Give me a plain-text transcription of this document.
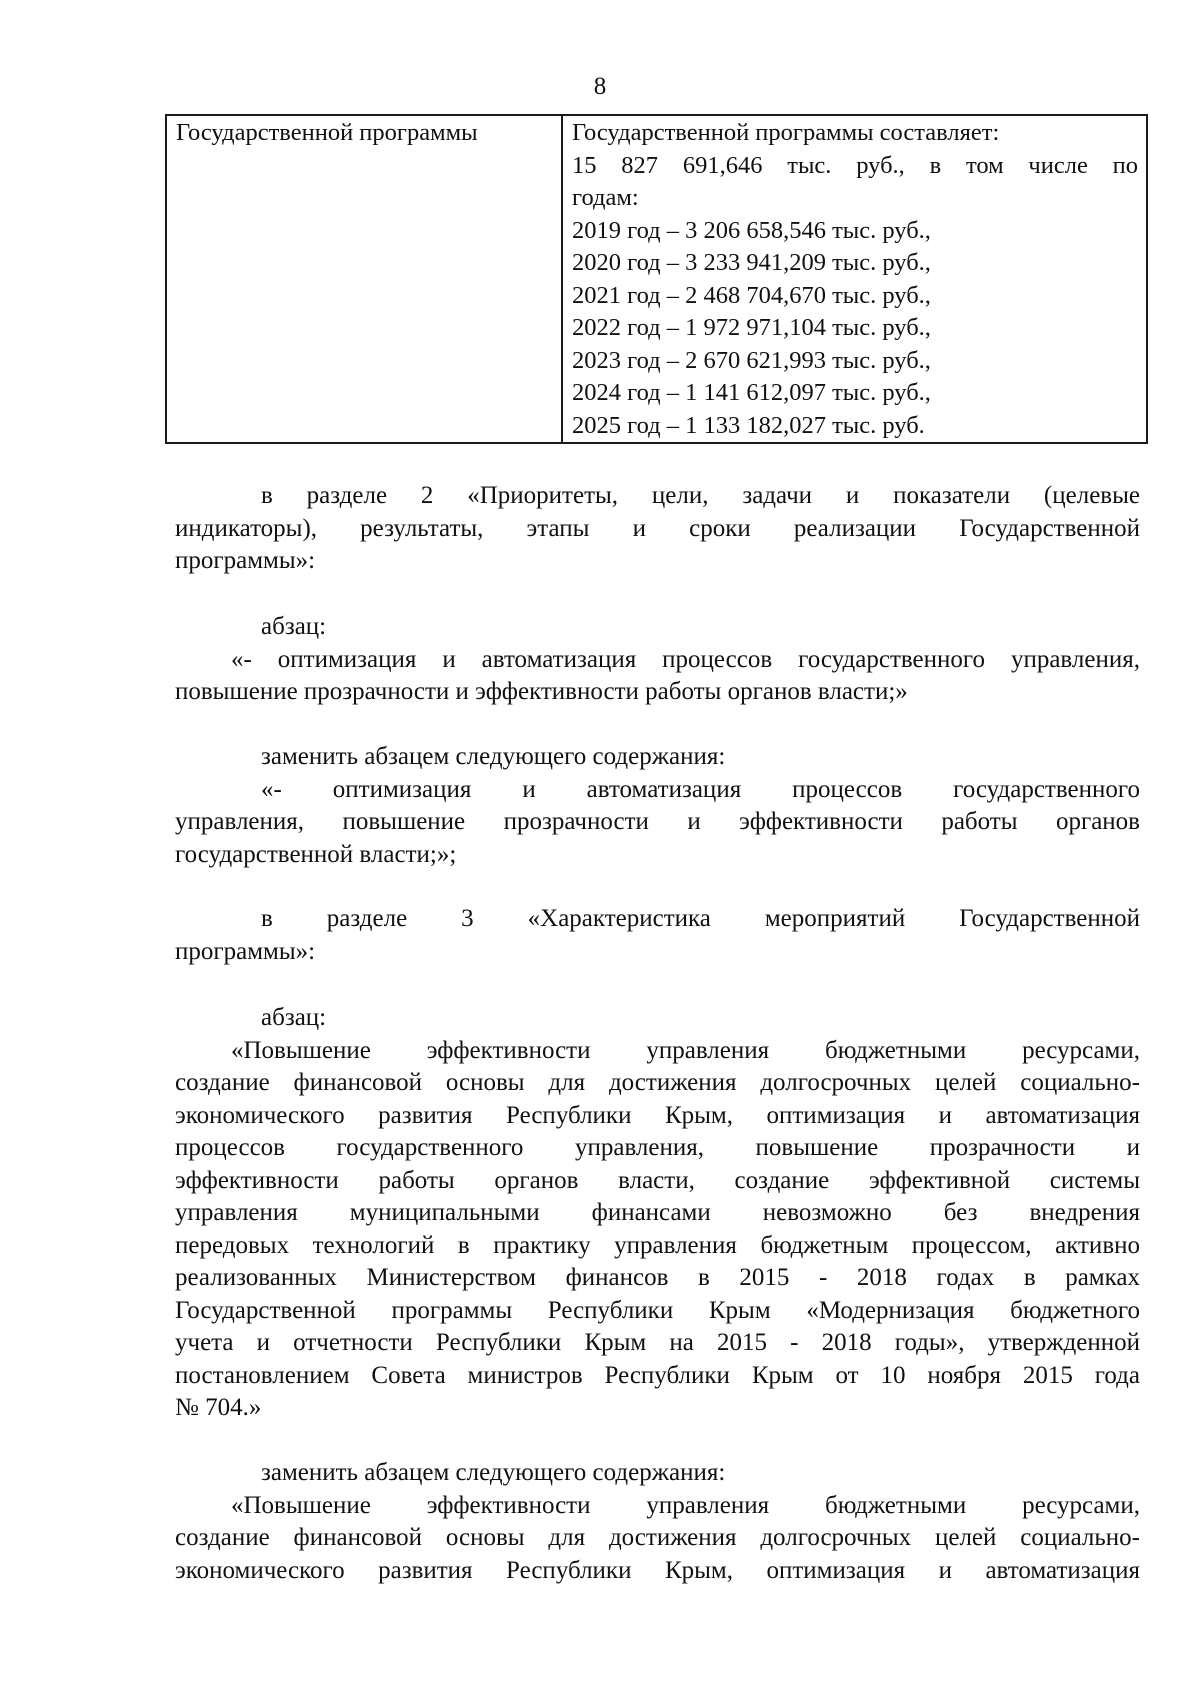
8
Государственной программы	Государственной программы составляет:
15 827 691,646 тыс. руб., в том числе по
годам:
2019 год – 3 206 658,546 тыс. руб.,
2020 год – 3 233 941,209 тыс. руб.,
2021 год – 2 468 704,670 тыс. руб.,
2022 год – 1 972 971,104 тыс. руб.,
2023 год – 2 670 621,993 тыс. руб.,
2024 год – 1 141 612,097 тыс. руб.,
2025 год – 1 133 182,027 тыс. руб.
в разделе 2 «Приоритеты, цели, задачи и показатели (целевые
индикаторы), результаты, этапы и сроки реализации Государственной
программы»:
абзац:
«- оптимизация и автоматизация процессов государственного управления,
повышение прозрачности и эффективности работы органов власти;»
заменить абзацем следующего содержания:
«- оптимизация и автоматизация процессов государственного
управления, повышение прозрачности и эффективности работы органов
государственной власти;»;
в разделе 3 «Характеристика мероприятий Государственной
программы»:
абзац:
«Повышение эффективности управления бюджетными ресурсами,
создание финансовой основы для достижения долгосрочных целей социально-
экономического развития Республики Крым, оптимизация и автоматизация
процессов государственного управления, повышение прозрачности и
эффективности работы органов власти, создание эффективной системы
управления муниципальными финансами невозможно без внедрения
передовых технологий в практику управления бюджетным процессом, активно
реализованных Министерством финансов в 2015 - 2018 годах в рамках
Государственной программы Республики Крым «Модернизация бюджетного
учета и отчетности Республики Крым на 2015 - 2018 годы», утвержденной
постановлением Совета министров Республики Крым от 10 ноября 2015 года
№ 704.»
заменить абзацем следующего содержания:
«Повышение эффективности управления бюджетными ресурсами,
создание финансовой основы для достижения долгосрочных целей социально-
экономического развития Республики Крым, оптимизация и автоматизация
